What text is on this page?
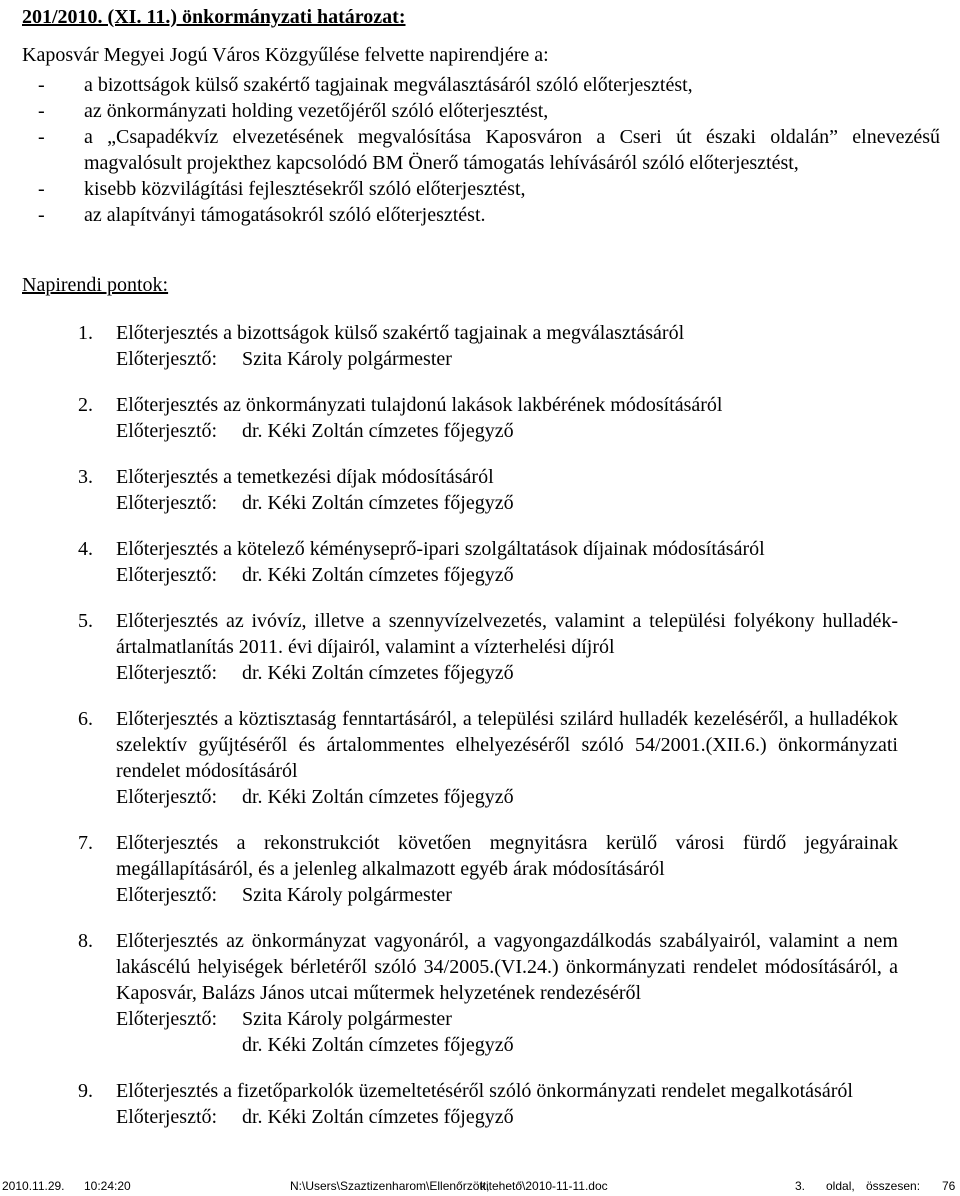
201/2010. (XI. 11.) önkormányzati határozat:
Kaposvár Megyei Jogú Város Közgyűlése felvette napirendjére a:
- a bizottságok külső szakértő tagjainak megválasztásáról szóló előterjesztést,
- az önkormányzati holding vezetőjéről szóló előterjesztést,
- a „Csapadékvíz elvezetésének megvalósítása Kaposváron a Cseri út északi oldalán” elnevezésű magvalósult projekthez kapcsolódó BM Önerő támogatás lehívásáról szóló előterjesztést,
- kisebb közvilágítási fejlesztésekről szóló előterjesztést,
- az alapítványi támogatásokról szóló előterjesztést.
Napirendi pontok:
1. Előterjesztés a bizottságok külső szakértő tagjainak a megválasztásáról
Előterjesztő: Szita Károly polgármester
2. Előterjesztés az önkormányzati tulajdonú lakások lakbérének módosításáról
Előterjesztő: dr. Kéki Zoltán címzetes főjegyző
3. Előterjesztés a temetkezési díjak módosításáról
Előterjesztő: dr. Kéki Zoltán címzetes főjegyző
4. Előterjesztés a kötelező kéményseprő-ipari szolgáltatások díjainak módosításáról
Előterjesztő: dr. Kéki Zoltán címzetes főjegyző
5. Előterjesztés az ivóvíz, illetve a szennyvízelvezetés, valamint a települési folyékony hulladék-ártalmatlanítás 2011. évi díjairól, valamint a vízterhelési díjról
Előterjesztő: dr. Kéki Zoltán címzetes főjegyző
6. Előterjesztés a köztisztaság fenntartásáról, a települési szilárd hulladék kezeléséről, a hulladékok szelektív gyűjtéséről és ártalommentes elhelyezéséről szóló 54/2001.(XII.6.) önkormányzati rendelet módosításáról
Előterjesztő: dr. Kéki Zoltán címzetes főjegyző
7. Előterjesztés a rekonstrukciót követően megnyitásra kerülő városi fürdő jegyárainak megállapításáról, és a jelenleg alkalmazott egyéb árak módosításáról
Előterjesztő: Szita Károly polgármester
8. Előterjesztés az önkormányzat vagyonáról, a vagyongazdálkodás szabályairól, valamint a nem lakáscélú helyiségek bérletéről szóló 34/2005.(VI.24.) önkormányzati rendelet módosításáról, a Kaposvár, Balázs János utcai műtermek helyzetének rendezéséről
Előterjesztő: Szita Károly polgármester
dr. Kéki Zoltán címzetes főjegyző
9. Előterjesztés a fizetőparkolók üzemeltetéséről szóló önkormányzati rendelet megalkotásáról
Előterjesztő: dr. Kéki Zoltán címzetes főjegyző
2010.11.29. 10:24:20	N:\Users\Szaztizenharom\Ellenőrzött,
kitehető\2010-11-11.doc	3. oldal, összesen: 76
